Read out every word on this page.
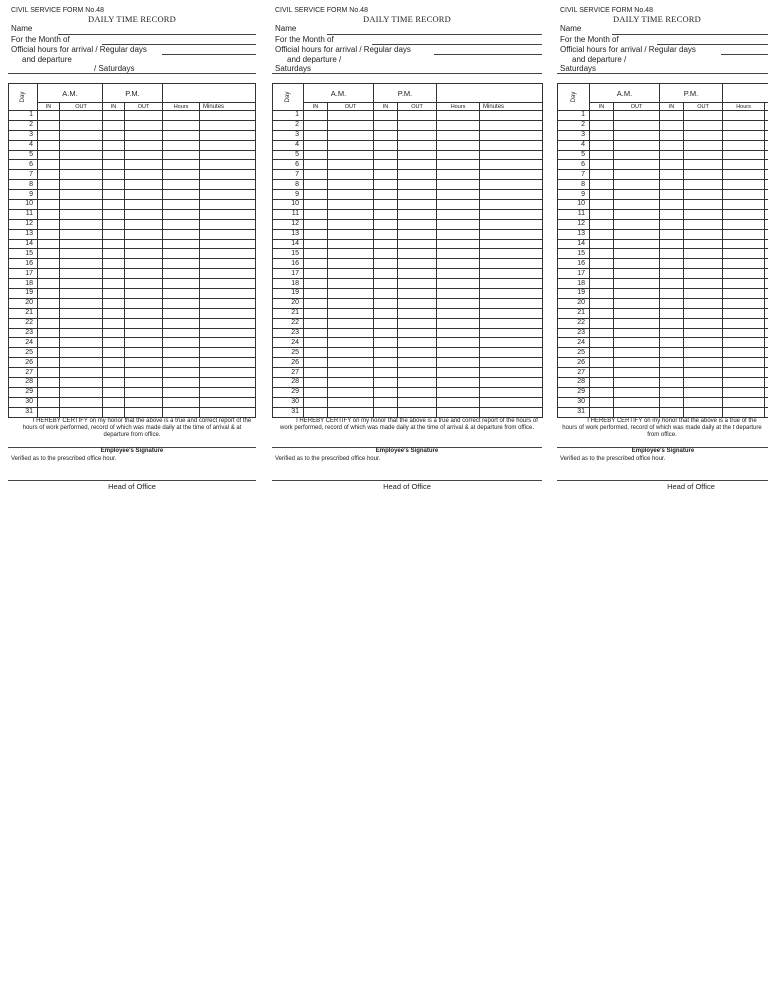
CIVIL SERVICE FORM No.48
DAILY TIME RECORD
Name
For the Month of
Official hours for arrival / Regular days
and departure
/ Saturdays
Day	A.M.		P.M.			
	IN	OUT	IN	OUT	Hours	Minutes
1						
2						
3						
4						
5						
6						
7						
8						
9						
10						
11						
12						
13						
14						
15						
16						
17						
18						
19						
20						
21						
22						
23						
24						
25						
26						
27						
28						
29						
30						
31						
I HEREBY CERTIFY on my honor that the above is a true and correct report of the hours of work performed, record of which was made daily at the time of arrival & at departure from office.
Employee's Signature
Verified as to the prescribed office hour.
Head of Office
CIVIL SERVICE FORM No.48
DAILY TIME RECORD
Name
For the Month of
Official hours for arrival / Regular days
and departure /
Saturdays
Day	A.M.		P.M.			
	IN	OUT	IN	OUT	Hours	Minutes
1						
2						
3						
4						
5						
6						
7						
8						
9						
10						
11						
12						
13						
14						
15						
16						
17						
18						
19						
20						
21						
22						
23						
24						
25						
26						
27						
28						
29						
30						
31						
I HEREBY CERTIFY on my honor that the above is a true and correct report of the hours of work performed, record of which was made daily at the time of arrival & at departure from office.
Employee's Signature
Verified as to the prescribed office hour.
Head of Office
CIVIL SERVICE FORM No.48
DAILY TIME RECORD
Name
For the Month of
Official hours for arrival / Regular days
and departure /
Saturdays
Day	A.M.		P.M.			
	IN	OUT	IN	OUT	Hours	
1						
2						
3						
4						
5						
6						
7						
8						
9						
10						
11						
12						
13						
14						
15						
16						
17						
18						
19						
20						
21						
22						
23						
24						
25						
26						
27						
28						
29						
30						
31						
I HEREBY CERTIFY on my honor that the above is a true of the hours of work performed, record of which was made daily at the t departure from office.
Employee's Signature
Verified as to the prescribed office hour.
Head of Office
